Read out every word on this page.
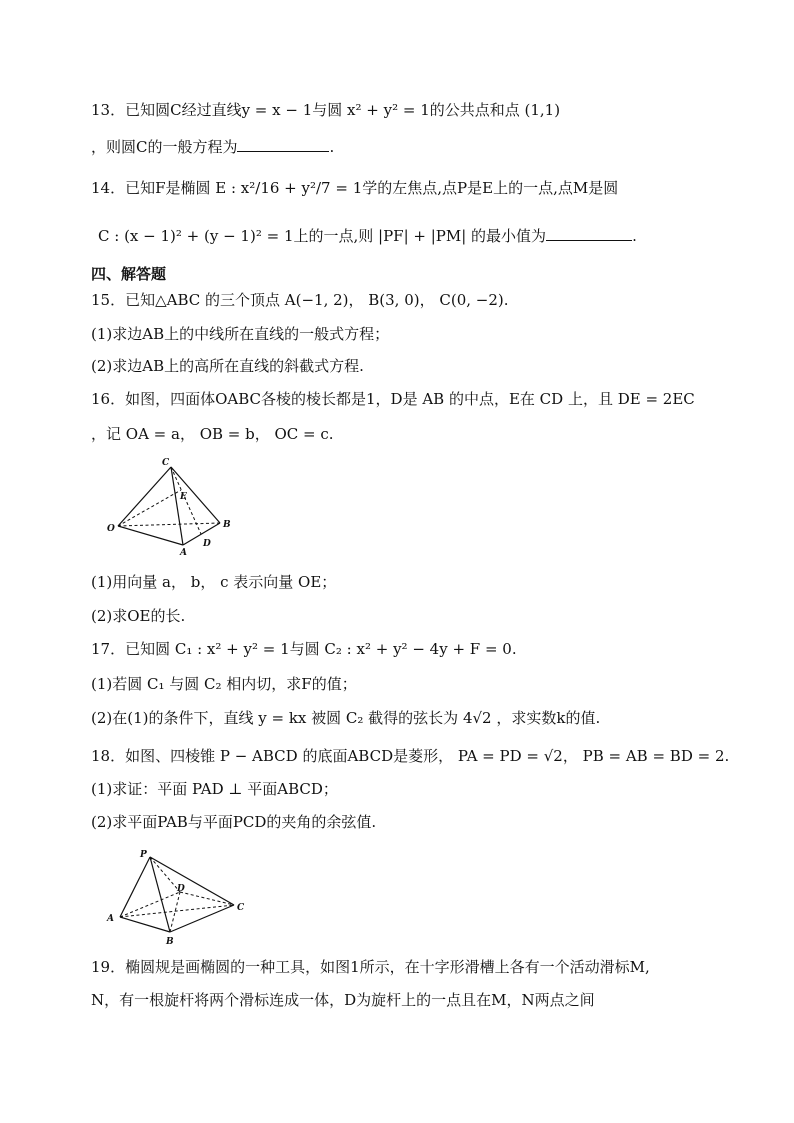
13．已知圆C经过直线y = x − 1与圆 x² + y² = 1的公共点和点 (1,1)
，则圆C的一般方程为	.
14．已知F是椭圆 E : x²/16 + y²/7 = 1学的左焦点,点P是E上的一点,点M是圆
C : (x − 1)² + (y − 1)² = 1上的一点,则 |PF| + |PM| 的最小值为	.
四、解答题
15．已知△ABC 的三个顶点 A(−1, 2)， B(3, 0)， C(0, −2).
(1)求边AB上的中线所在直线的一般式方程；
(2)求边AB上的高所在直线的斜截式方程.
16．如图，四面体OABC各棱的棱长都是1，D是 AB 的中点，E在 CD 上，且 DE = 2EC
，记 OA = a， OB = b， OC = c.
C
E
O	B
A
D
(1)用向量 a， b， c 表示向量 OE；
(2)求OE的长.
17．已知圆 C₁ : x² + y² = 1与圆 C₂ : x² + y² − 4y + F = 0.
(1)若圆 C₁ 与圆 C₂ 相内切，求F的值；
(2)在(1)的条件下，直线 y = kx 被圆 C₂ 截得的弦长为 4√2 ，求实数k的值.
18．如图、四棱锥 P − ABCD 的底面ABCD是菱形， PA = PD = √2， PB = AB = BD = 2.
(1)求证：平面 PAD ⊥ 平面ABCD；
(2)求平面PAB与平面PCD的夹角的余弦值.
P
D
A
C
B
19．椭圆规是画椭圆的一种工具，如图1所示，在十字形滑槽上各有一个活动滑标M,
N，有一根旋杆将两个滑标连成一体，D为旋杆上的一点且在M，N两点之间
